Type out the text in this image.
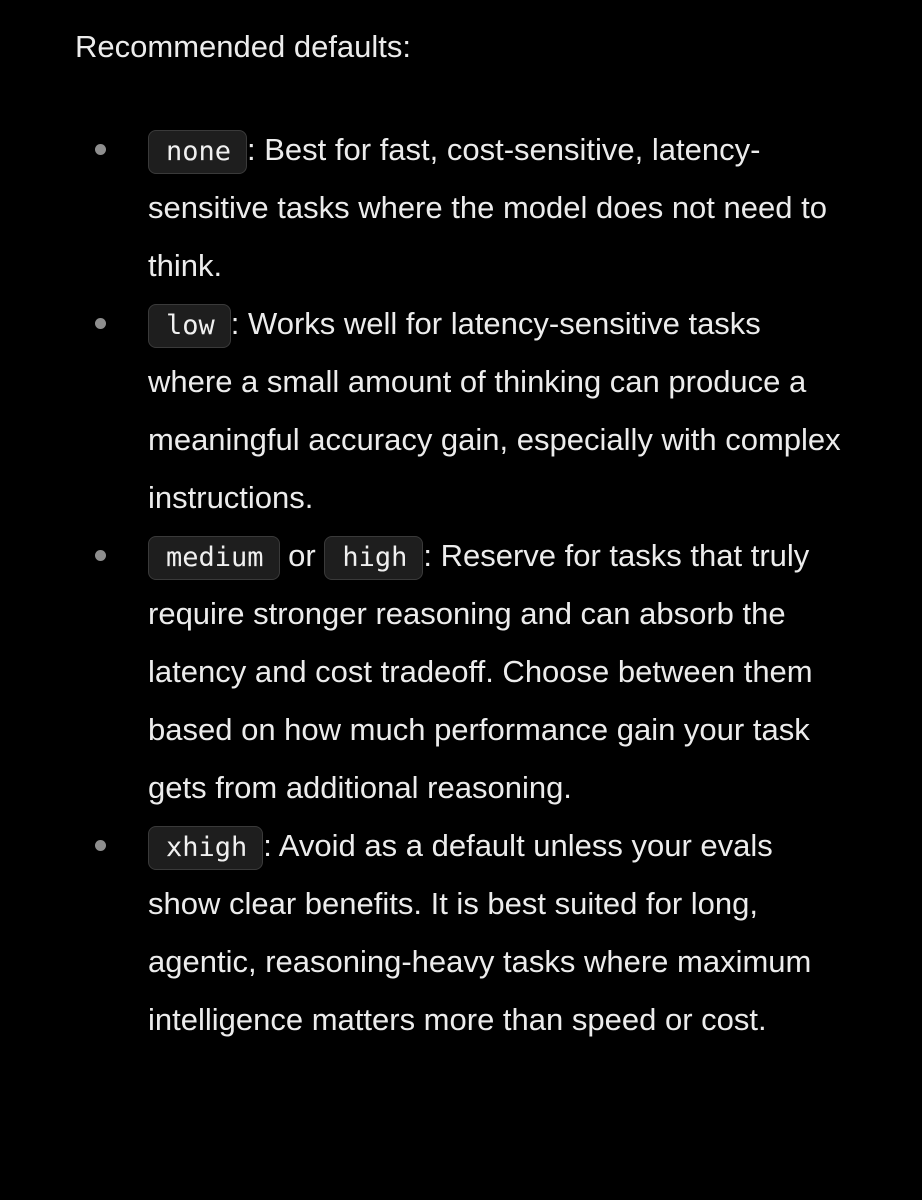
Recommended defaults:

none : Best for fast, cost-sensitive, latency-sensitive tasks where the model does not need to think.
low : Works well for latency-sensitive tasks where a small amount of thinking can produce a meaningful accuracy gain, especially with complex instructions.
medium or high : Reserve for tasks that truly require stronger reasoning and can absorb the latency and cost tradeoff. Choose between them based on how much performance gain your task gets from additional reasoning.
xhigh : Avoid as a default unless your evals show clear benefits. It is best suited for long, agentic, reasoning-heavy tasks where maximum intelligence matters more than speed or cost.
